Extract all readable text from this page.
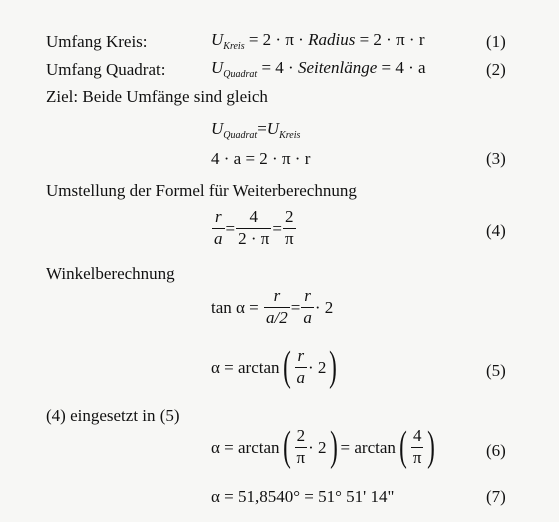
Umfang Kreis:	$U_{Kreis} = 2 \cdot \pi$ · Radius = 2 · π · r	(1)
Umfang Quadrat:	$U_{Quadrat} = 4$ · Seitenlänge = 4 · a	(2)
Ziel: Beide Umfänge sind gleich
$U_{Quadrat}=U_{Kreis}$
4 · a = 2 · π · r	(3)
Umstellung der Formel für Weiterberechnung
$\frac{r}{a} = \frac{4}{2 \cdot \pi} = \frac{2}{\pi}$	(4)
Winkelberechnung
$\tan \alpha = \frac{r}{a/2} = \frac{r}{a} \cdot 2$
$\alpha = \arctan( \frac{r}{a} \cdot 2)$	(5)
(4) eingesetzt in (5)
$\alpha = \arctan( \frac{2}{\pi} \cdot 2) = \arctan( \frac{4}{\pi}$ )	(6)
α = 51,8540° = 51° 51' 14"	(7)
